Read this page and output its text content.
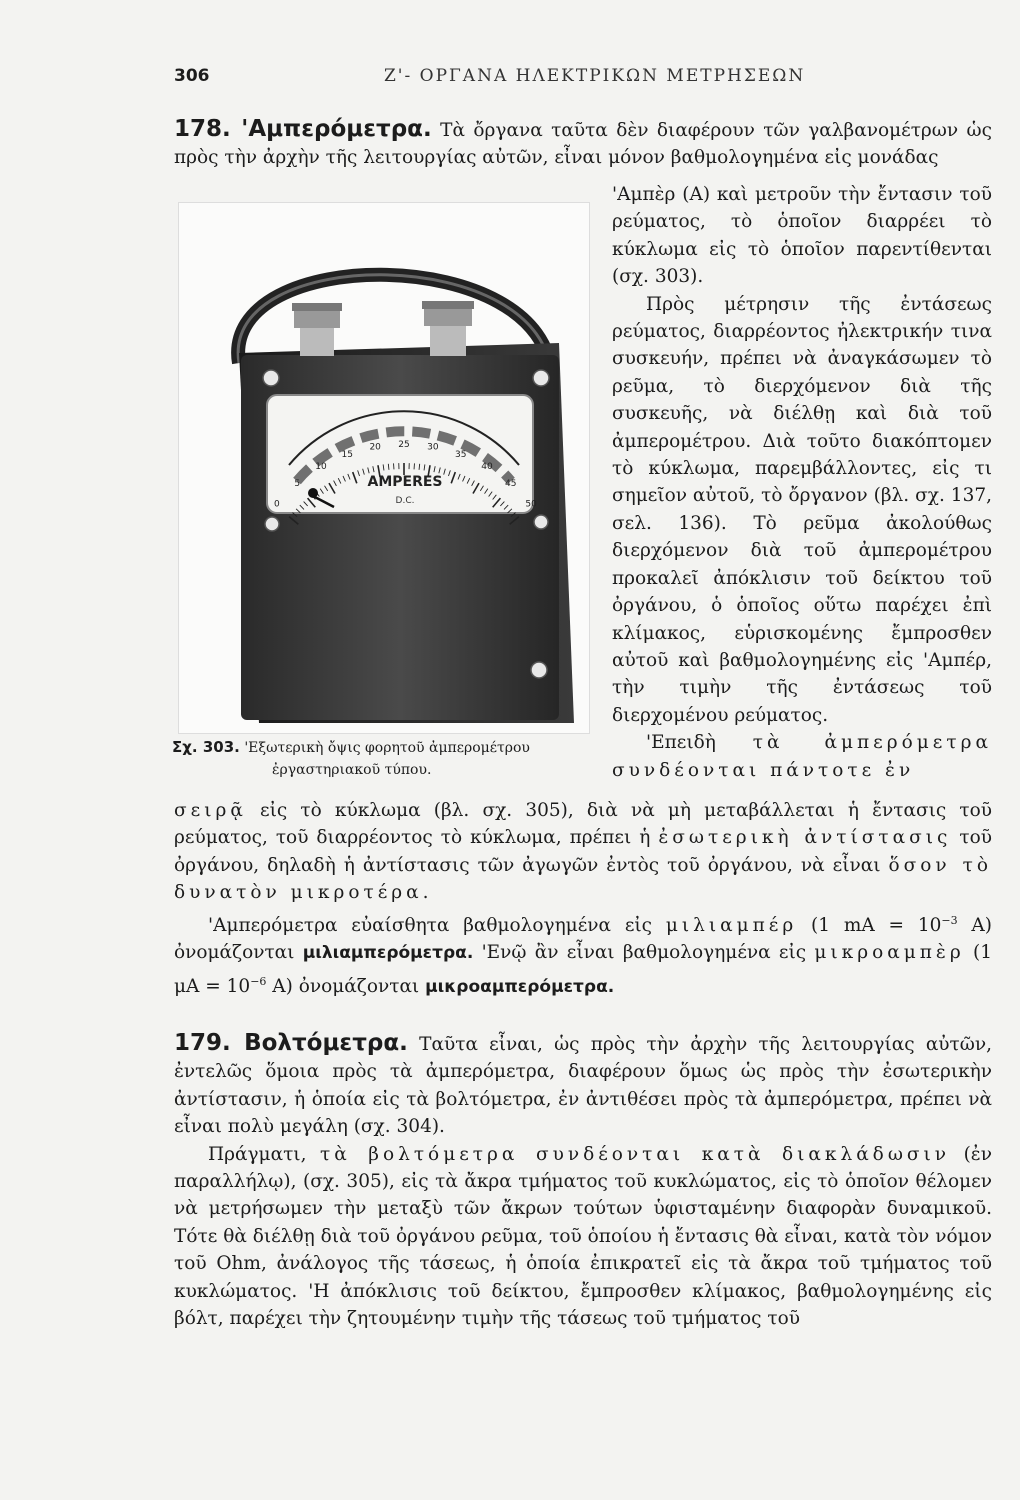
306	Ζ'- ΟΡΓΑΝΑ ΗΛΕΚΤΡΙΚΩΝ ΜΕΤΡΗΣΕΩΝ
178. 'Αμπερόμετρα. Τὰ ὄργανα ταῦτα δὲν διαφέρουν τῶν γαλβανομέτρων ὡς πρὸς τὴν ἀρχὴν τῆς λειτουργίας αὐτῶν, εἶναι μόνον βαθμολογημένα εἰς μονάδας
0
5
10
15
20 25 30
35
40
45
50
AMPERES
D.C.
Σχ. 303. 'Εξωτερικὴ ὄψις φορητοῦ ἀμπερομέτρου
ἐργαστηριακοῦ τύπου.

'Αμπὲρ (Α) καὶ μετροῦν τὴν ἔντασιν τοῦ ρεύματος, τὸ ὁποῖον διαρρέει τὸ κύκλωμα εἰς τὸ ὁποῖον παρεντίθενται (σχ. 303).

Πρὸς μέτρησιν τῆς ἐντάσεως ρεύματος, διαρρέοντος ἠλεκτρικήν τινα συσκευήν, πρέπει νὰ ἀναγκάσωμεν τὸ ρεῦμα, τὸ διερχόμενον διὰ τῆς συσκευῆς, νὰ διέλθῃ καὶ διὰ τοῦ ἀμπερομέτρου. Διὰ τοῦτο διακόπτομεν τὸ κύκλωμα, παρεμβάλλοντες, εἰς τι σημεῖον αὐτοῦ, τὸ ὄργανον (βλ. σχ. 137, σελ. 136). Τὸ ρεῦμα ἀκολούθως διερχόμενον διὰ τοῦ ἀμπερομέτρου προκαλεῖ ἀπόκλισιν τοῦ δείκτου τοῦ ὀργάνου, ὁ ὁποῖος οὕτω παρέχει ἐπὶ κλίμακος, εὑρισκομένης ἔμπροσθεν αὐτοῦ καὶ βαθμολογημένης εἰς 'Αμπέρ, τὴν τιμὴν τῆς ἐντάσεως τοῦ διερχομένου ρεύματος.

'Επειδὴ τὰ ἀμπερόμετρα συνδέονται πάντοτε ἐν

σειρᾷ εἰς τὸ κύκλωμα (βλ. σχ. 305), διὰ νὰ μὴ μεταβάλλεται ἡ ἔντασις τοῦ ρεύματος, τοῦ διαρρέοντος τὸ κύκλωμα, πρέπει ἡ ἐσωτερικὴ ἀντίστασις τοῦ ὀργάνου, δηλαδὴ ἡ ἀντίστασις τῶν ἀγωγῶν ἐντὸς τοῦ ὀργάνου, νὰ εἶναι ὅσον τὸ δυνατὸν μικροτέρα.

'Αμπερόμετρα εὐαίσθητα βαθμολογημένα εἰς μιλιαμπέρ (1 mA = $10^{-3}$ A) ὀνομάζονται μιλιαμπερόμετρα. 'Ενῷ ἂν εἶναι βαθμολογημένα εἰς μικροαμπὲρ (1 $\mu A = 10^{-6}$ A) ὀνομάζονται μικροαμπερόμετρα.

179. Βολτόμετρα. Ταῦτα εἶναι, ὡς πρὸς τὴν ἀρχὴν τῆς λειτουργίας αὐτῶν, ἐντελῶς ὅμοια πρὸς τὰ ἀμπερόμετρα, διαφέρουν ὅμως ὡς πρὸς τὴν ἐσωτερικὴν ἀντίστασιν, ἡ ὁποία εἰς τὰ βολτόμετρα, ἐν ἀντιθέσει πρὸς τὰ ἀμπερόμετρα, πρέπει νὰ εἶναι πολὺ μεγάλη (σχ. 304).

Πράγματι, τὰ βολτόμετρα συνδέονται κατὰ διακλάδωσιν (ἐν παραλλήλῳ), (σχ. 305), εἰς τὰ ἄκρα τμήματος τοῦ κυκλώματος, εἰς τὸ ὁποῖον θέλομεν νὰ μετρήσωμεν τὴν μεταξὺ τῶν ἄκρων τούτων ὑφισταμένην διαφορὰν δυναμικοῦ. Τότε θὰ διέλθῃ διὰ τοῦ ὀργάνου ρεῦμα, τοῦ ὁποίου ἡ ἔντασις θὰ εἶναι, κατὰ τὸν νόμον τοῦ Ohm, ἀνάλογος τῆς τάσεως, ἡ ὁποία ἐπικρατεῖ εἰς τὰ ἄκρα τοῦ τμήματος τοῦ κυκλώματος. 'Η ἀπόκλισις τοῦ δείκτου, ἔμπροσθεν κλίμακος, βαθμολογημένης εἰς βόλτ, παρέχει τὴν ζητουμένην τιμὴν τῆς τάσεως τοῦ τμήματος τοῦ
